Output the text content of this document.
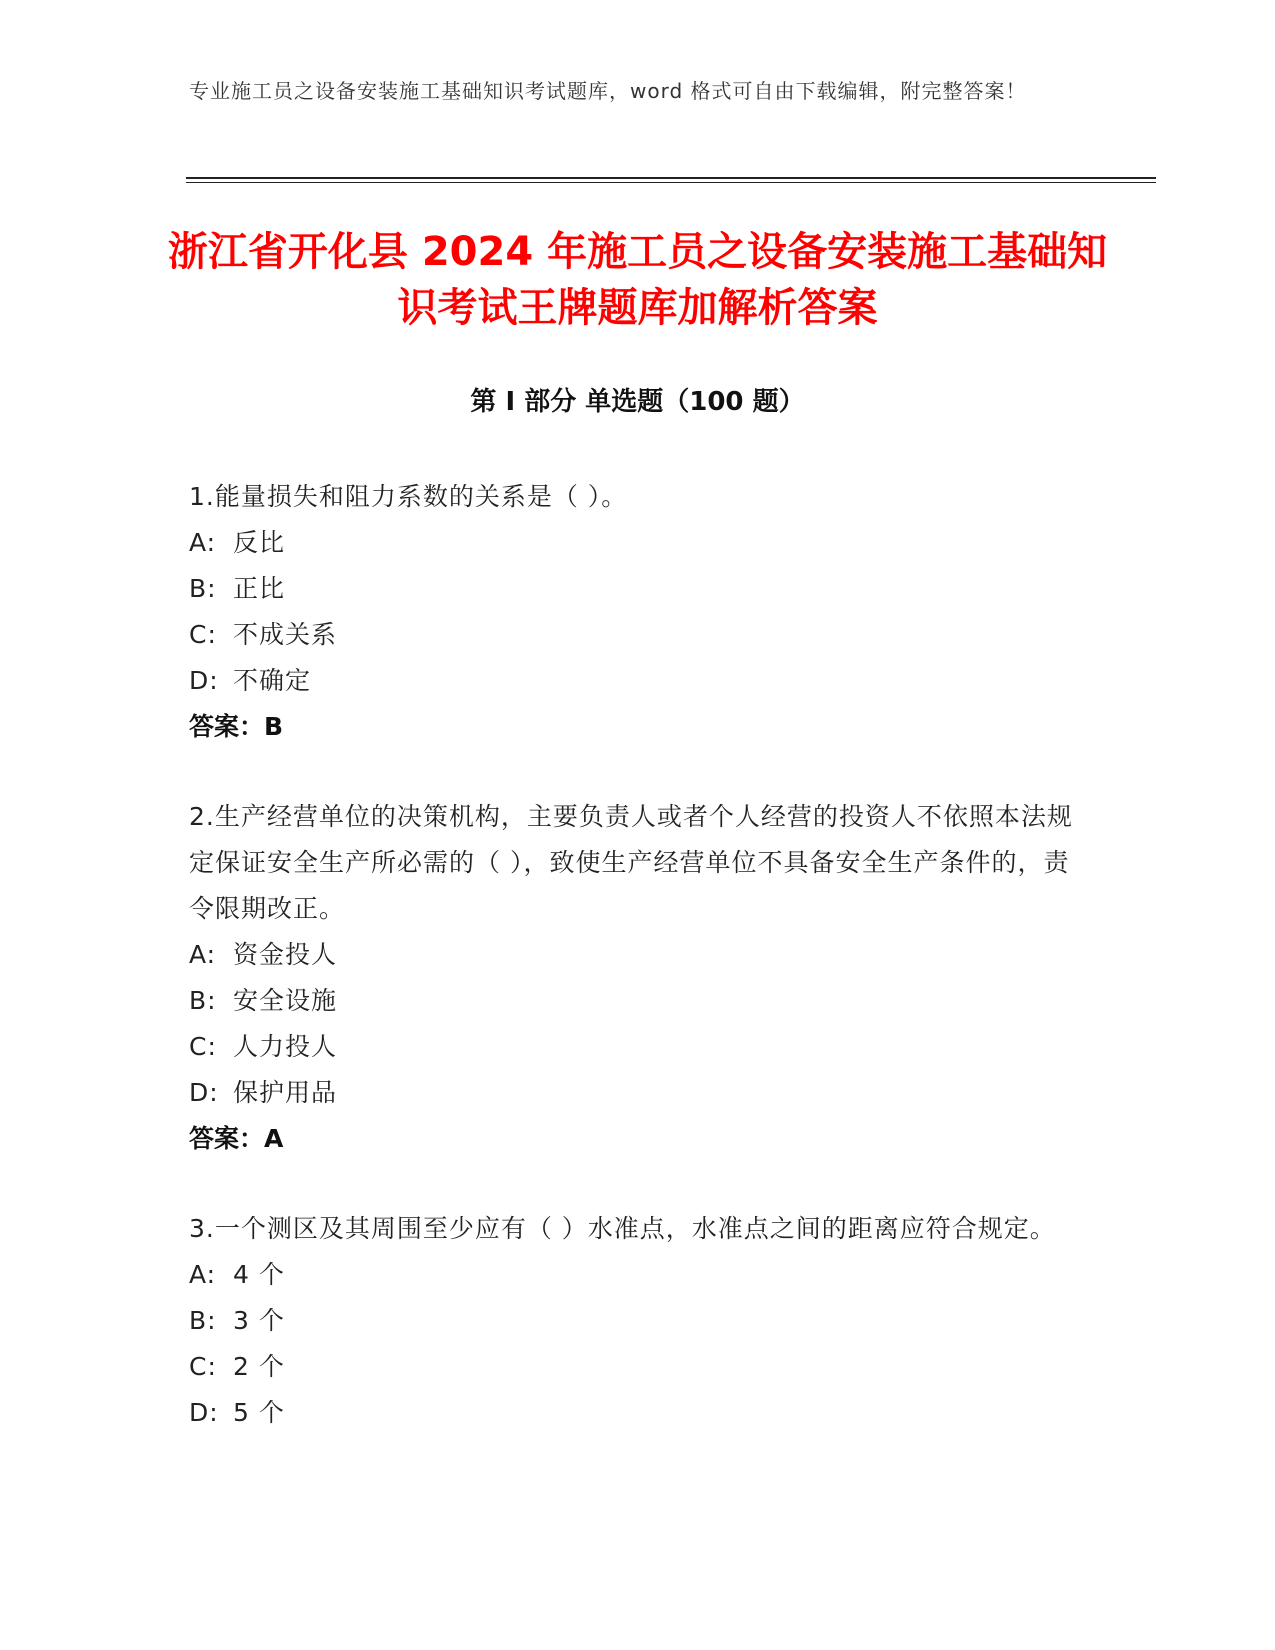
专业施工员之设备安装施工基础知识考试题库，word 格式可自由下载编辑，附完整答案！
浙江省开化县 2024 年施工员之设备安装施工基础知识考试王牌题库加解析答案
第 I 部分 单选题（100 题）
1.能量损失和阻力系数的关系是（ ）。
A: 反比
B: 正比
C: 不成关系
D: 不确定
答案：B
2.生产经营单位的决策机构，主要负责人或者个人经营的投资人不依照本法规定保证安全生产所必需的（ ），致使生产经营单位不具备安全生产条件的，责令限期改正。
A: 资金投人
B: 安全设施
C: 人力投人
D: 保护用品
答案：A
3.一个测区及其周围至少应有（ ）水准点，水准点之间的距离应符合规定。
A: 4 个
B: 3 个
C: 2 个
D: 5 个
